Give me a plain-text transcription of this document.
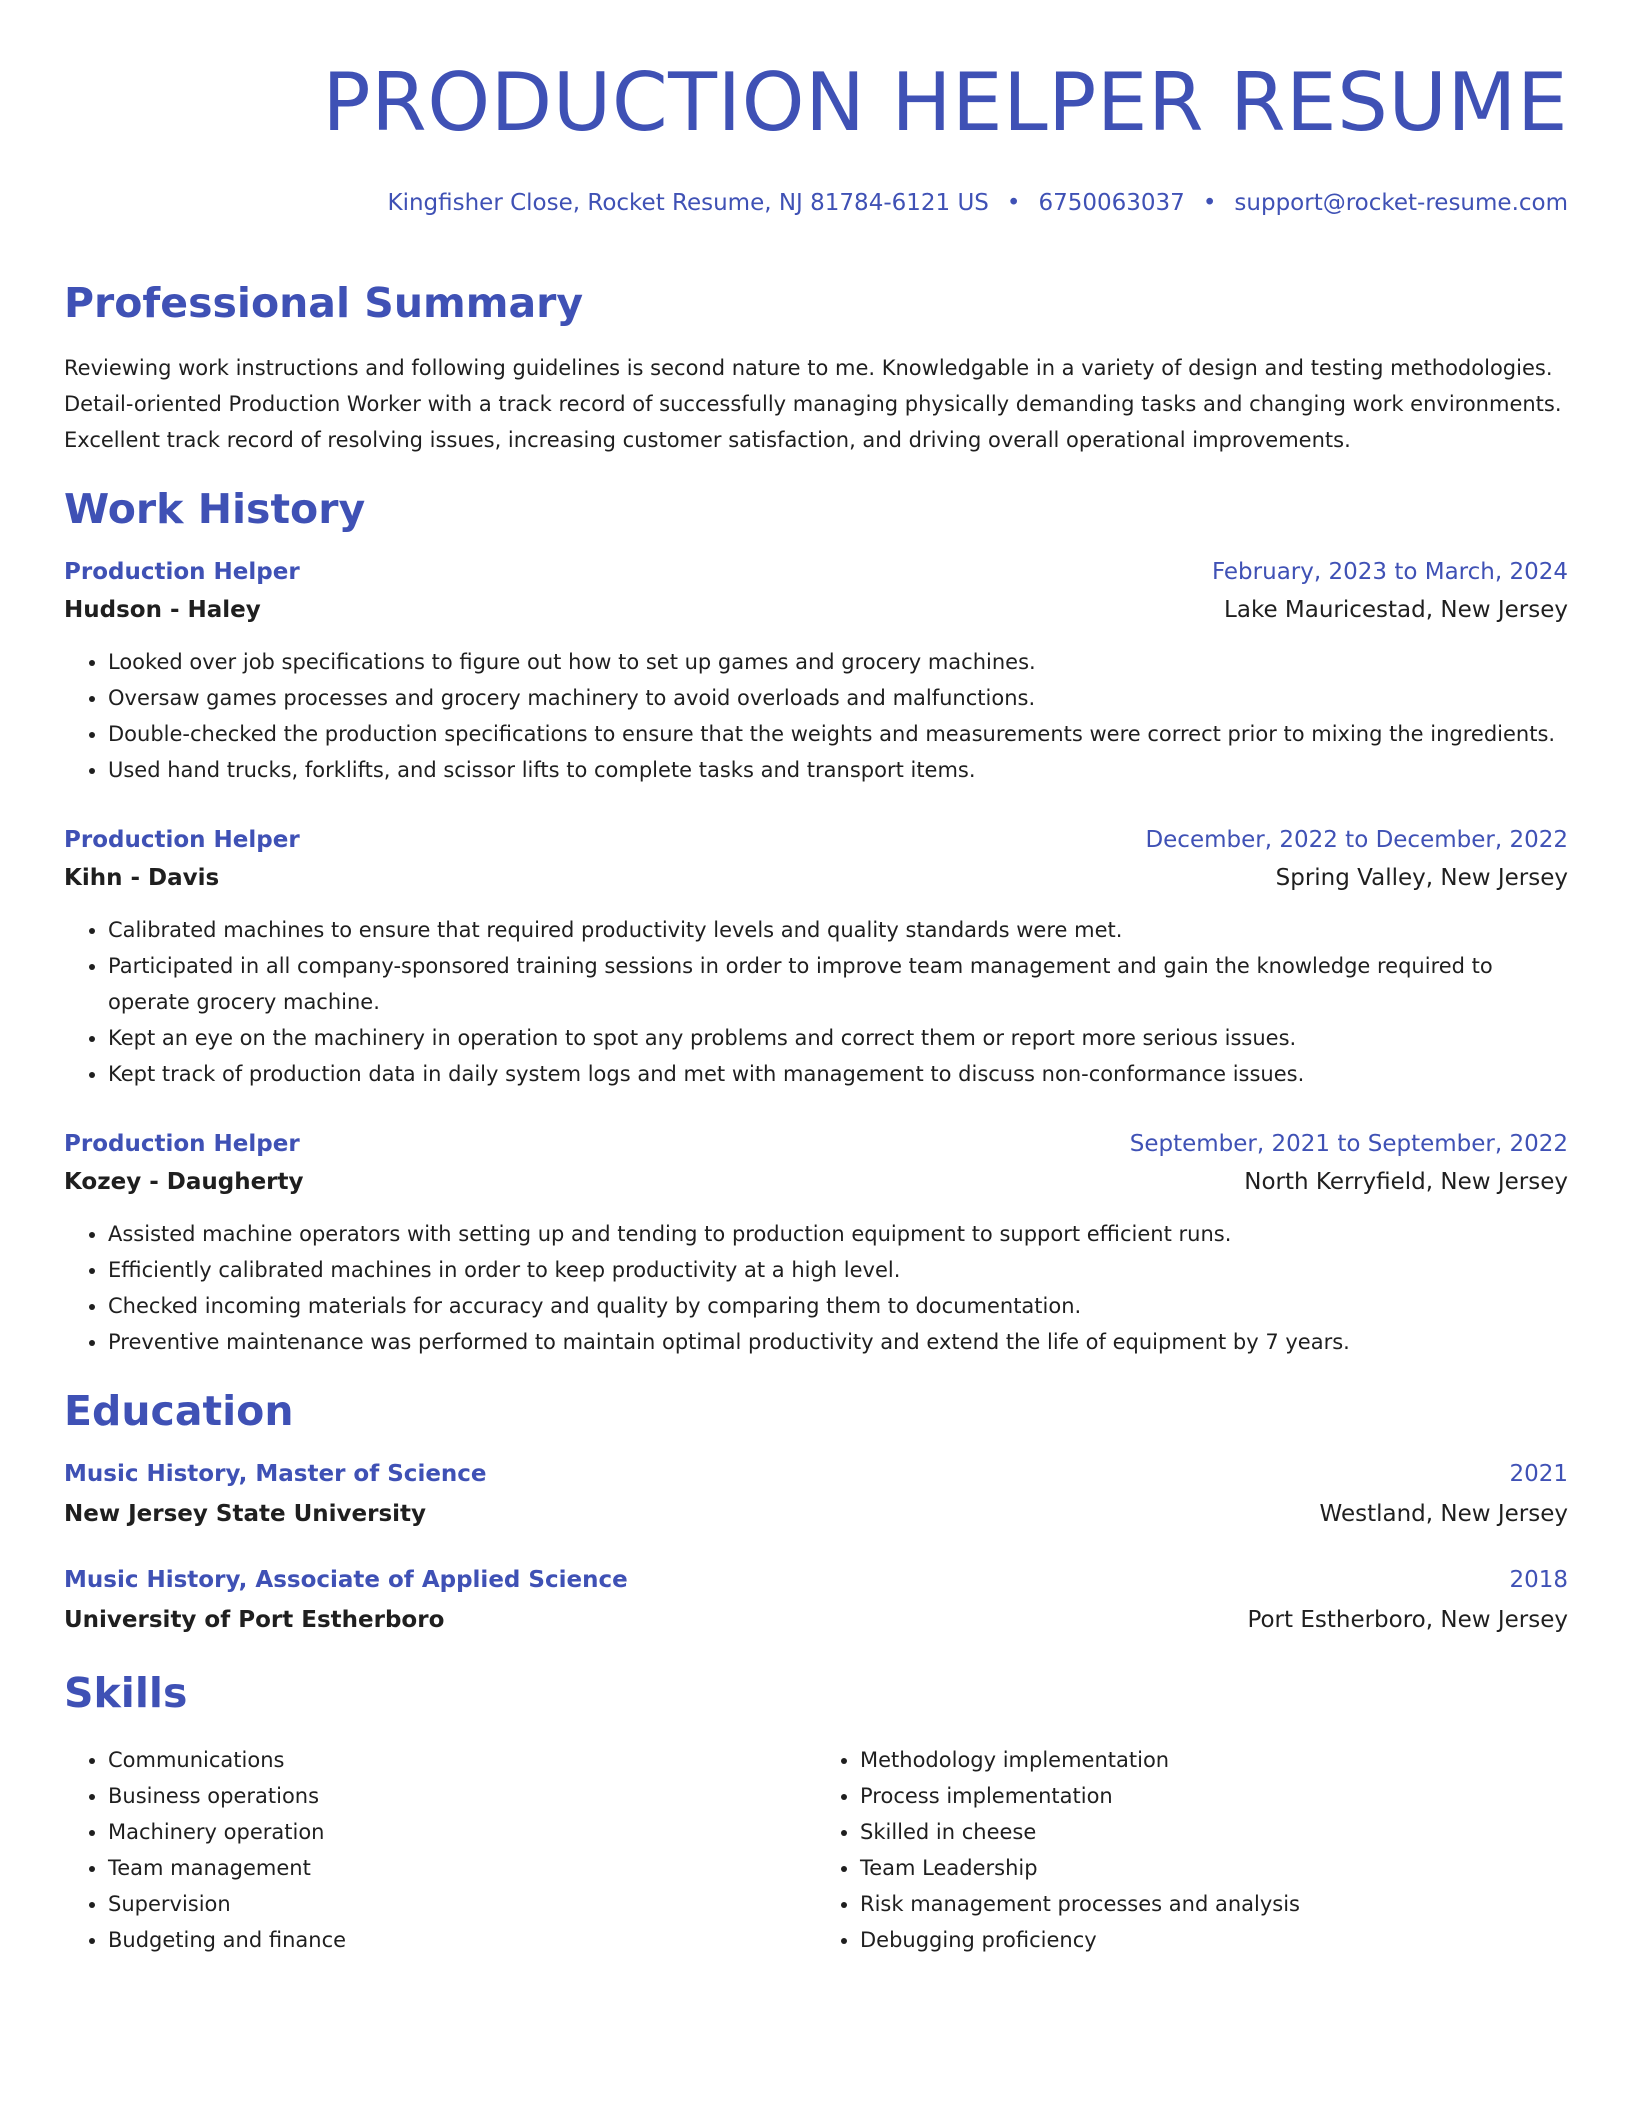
PRODUCTION HELPER RESUME
Kingfisher Close, Rocket Resume, NJ 81784-6121 US • 6750063037 • support@rocket-resume.com
Professional Summary

Reviewing work instructions and following guidelines is second nature to me. Knowledgable in a variety of design and testing methodologies. Detail-oriented Production Worker with a track record of successfully managing physically demanding tasks and changing work environments. Excellent track record of resolving issues, increasing customer satisfaction, and driving overall operational improvements.

Work History
Production Helper	February, 2023 to March, 2024
Hudson - Haley	Lake Mauricestad, New Jersey
• Looked over job specifications to figure out how to set up games and grocery machines.
• Oversaw games processes and grocery machinery to avoid overloads and malfunctions.
• Double-checked the production specifications to ensure that the weights and measurements were correct prior to mixing the ingredients.
• Used hand trucks, forklifts, and scissor lifts to complete tasks and transport items.
Production Helper	December, 2022 to December, 2022
Kihn - Davis	Spring Valley, New Jersey
• Calibrated machines to ensure that required productivity levels and quality standards were met.
• Participated in all company-sponsored training sessions in order to improve team management and gain the knowledge required to operate grocery machine.
• Kept an eye on the machinery in operation to spot any problems and correct them or report more serious issues.
• Kept track of production data in daily system logs and met with management to discuss non-conformance issues.
Production Helper	September, 2021 to September, 2022
Kozey - Daugherty	North Kerryfield, New Jersey
• Assisted machine operators with setting up and tending to production equipment to support efficient runs.
• Efficiently calibrated machines in order to keep productivity at a high level.
• Checked incoming materials for accuracy and quality by comparing them to documentation.
• Preventive maintenance was performed to maintain optimal productivity and extend the life of equipment by 7 years.
Education
Music History, Master of Science	2021
New Jersey State University	Westland, New Jersey
Music History, Associate of Applied Science	2018
University of Port Estherboro	Port Estherboro, New Jersey
Skills
• Communications
• Business operations
• Machinery operation
• Team management
• Supervision
• Budgeting and finance
• Methodology implementation
• Process implementation
• Skilled in cheese
• Team Leadership
• Risk management processes and analysis
• Debugging proficiency
